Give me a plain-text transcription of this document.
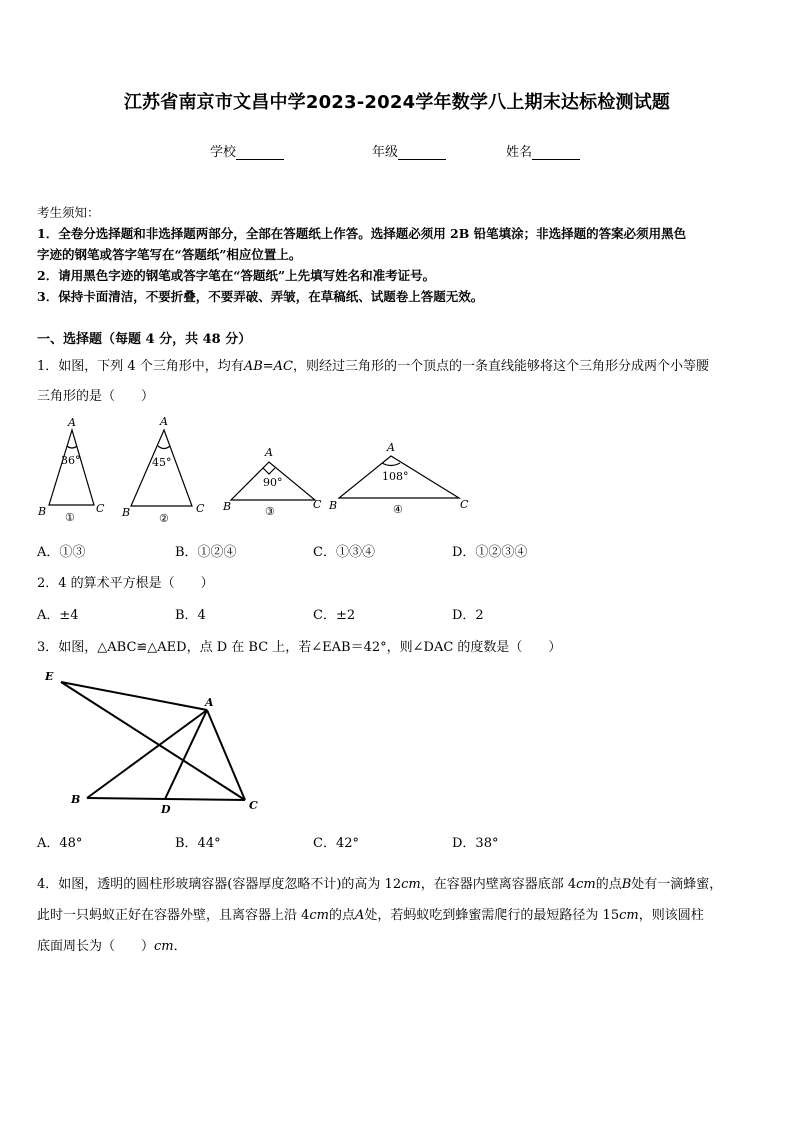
江苏省南京市文昌中学2023-2024学年数学八上期末达标检测试题
学校	年级	姓名
考生须知：
1．全卷分选择题和非选择题两部分，全部在答题纸上作答。选择题必须用 2B 铅笔填涂；非选择题的答案必须用黑色
字迹的钢笔或答字笔写在“答题纸”相应位置上。
2．请用黑色字迹的钢笔或答字笔在“答题纸”上先填写姓名和准考证号。
3．保持卡面清洁，不要折叠，不要弄破、弄皱，在草稿纸、试题卷上答题无效。
一、选择题（每题 4 分，共 48 分）
1．如图，下列 4 个三角形中，均有AB=AC，则经过三角形的一个顶点的一条直线能够将这个三角形分成两个小等腰
三角形的是（　　）
A
B	C
36°
①
A
B	C
45°
②
A
B	C
90°
③
A
B	C
108°
④
A．①③	B．①②④	C．①③④	D．①②③④
2．4 的算术平方根是（　　）
A．±4	B．4	C．±2	D．2
3．如图，△ABC≌△AED，点 D 在 BC 上，若∠EAB＝42°，则∠DAC 的度数是（　　）
E
A
B
D	C
A．48°	B．44°	C．42°	D．38°
4．如图，透明的圆柱形玻璃容器(容器厚度忽略不计)的高为 12cm，在容器内壁离容器底部 4cm的点B处有一滴蜂蜜，
此时一只蚂蚁正好在容器外壁，且离容器上沿 4cm的点A处，若蚂蚁吃到蜂蜜需爬行的最短路径为 15cm，则该圆柱
底面周长为（　　）cm．
